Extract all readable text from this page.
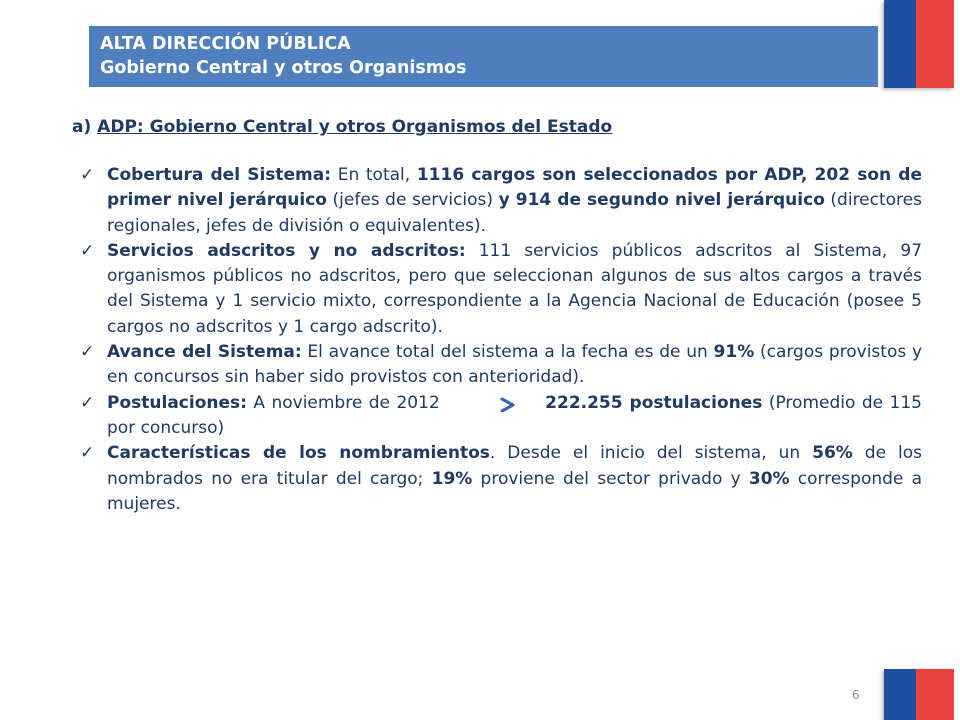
ALTA DIRECCIÓN PÚBLICA
Gobierno Central y otros Organismos
a) ADP: Gobierno Central y otros Organismos del Estado
✓ Cobertura del Sistema: En total, 1116 cargos son seleccionados por ADP, 202 son de primer nivel jerárquico (jefes de servicios) y 914 de segundo nivel jerárquico (directores regionales, jefes de división o equivalentes).
✓ Servicios adscritos y no adscritos: 111 servicios públicos adscritos al Sistema, 97 organismos públicos no adscritos, pero que seleccionan algunos de sus altos cargos a través del Sistema y 1 servicio mixto, correspondiente a la Agencia Nacional de Educación (posee 5 cargos no adscritos y 1 cargo adscrito).
✓ Avance del Sistema: El avance total del sistema a la fecha es de un 91% (cargos provistos y en concursos sin haber sido provistos con anterioridad).
✓ Postulaciones: A noviembre de 2012	222.255 postulaciones (Promedio de 115 por concurso)
✓ Características de los nombramientos. Desde el inicio del sistema, un 56% de los nombrados no era titular del cargo; 19% proviene del sector privado y 30% corresponde a mujeres.
6
